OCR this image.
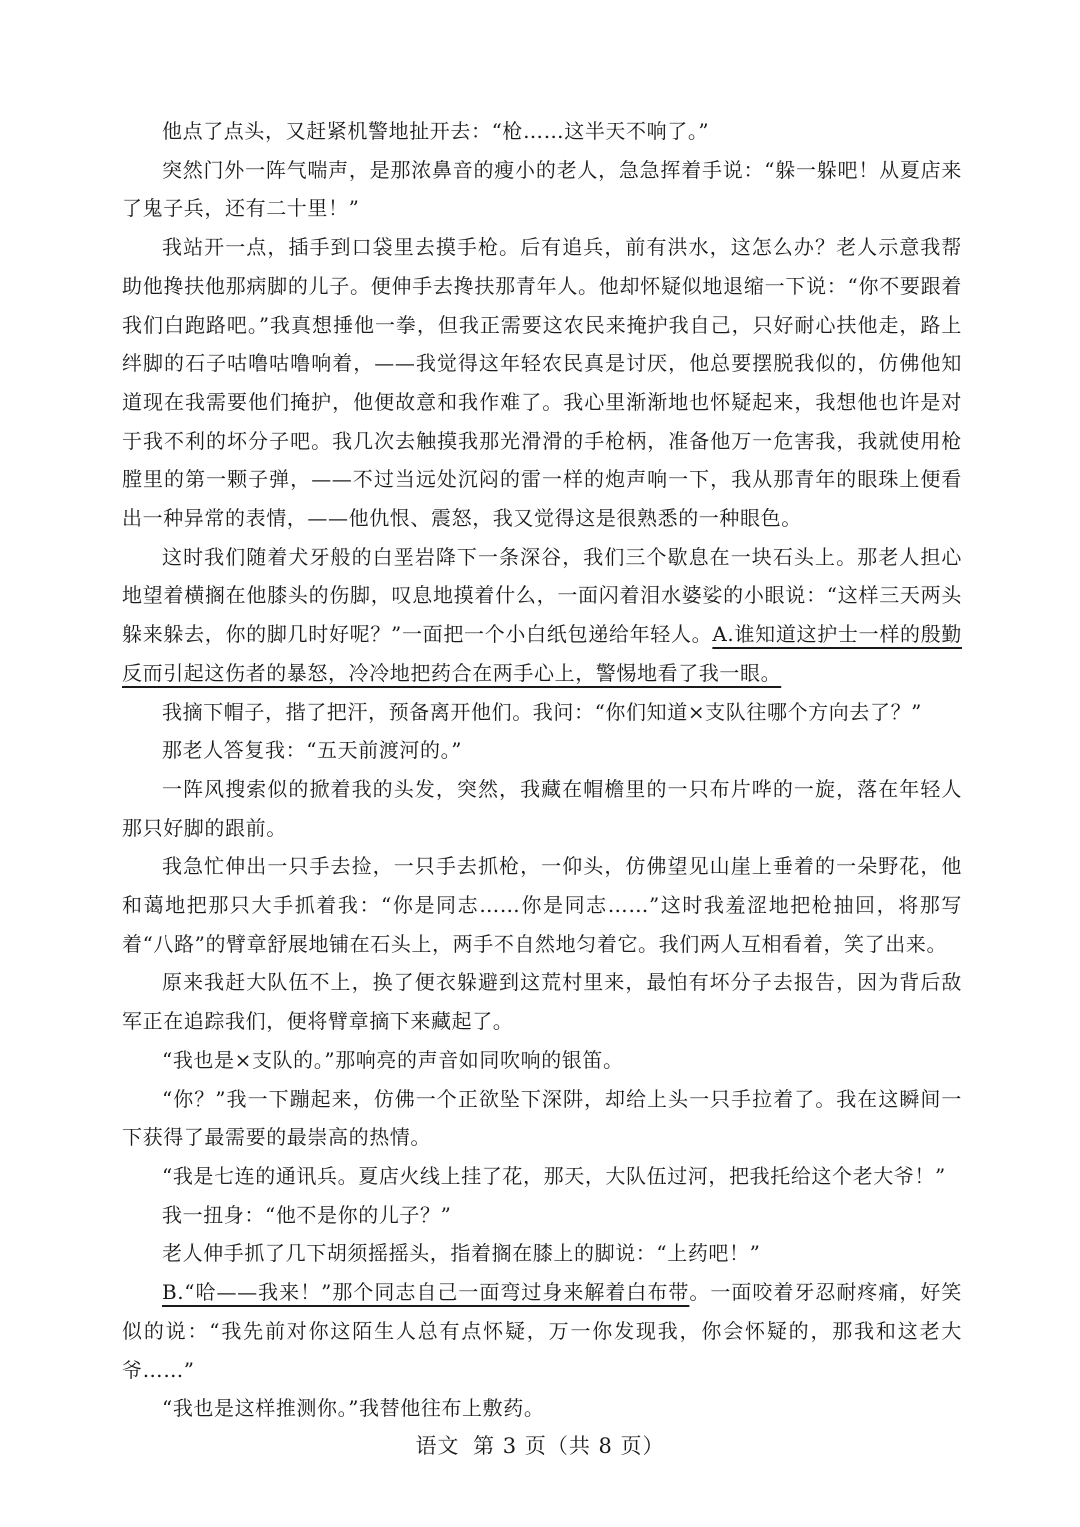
他点了点头，又赶紧机警地扯开去：“枪……这半天不响了。”

突然门外一阵气喘声，是那浓鼻音的瘦小的老人，急急挥着手说：“躲一躲吧！从夏店来了鬼子兵，还有二十里！”

我站开一点，插手到口袋里去摸手枪。后有追兵，前有洪水，这怎么办？老人示意我帮助他搀扶他那病脚的儿子。便伸手去搀扶那青年人。他却怀疑似地退缩一下说：“你不要跟着我们白跑路吧。”我真想捶他一拳，但我正需要这农民来掩护我自己，只好耐心扶他走，路上绊脚的石子咕噜咕噜响着，——我觉得这年轻农民真是讨厌，他总要摆脱我似的，仿佛他知道现在我需要他们掩护，他便故意和我作难了。我心里渐渐地也怀疑起来，我想他也许是对于我不利的坏分子吧。我几次去触摸我那光滑滑的手枪柄，准备他万一危害我，我就使用枪膛里的第一颗子弹，——不过当远处沉闷的雷一样的炮声响一下，我从那青年的眼珠上便看出一种异常的表情，——他仇恨、震怒，我又觉得这是很熟悉的一种眼色。

这时我们随着犬牙般的白垩岩降下一条深谷，我们三个歇息在一块石头上。那老人担心地望着横搁在他膝头的伤脚，叹息地摸着什么，一面闪着泪水婆娑的小眼说：“这样三天两头躲来躲去，你的脚几时好呢？”一面把一个小白纸包递给年轻人。A.谁知道这护士一样的殷勤反而引起这伤者的暴怒，冷冷地把药合在两手心上，警惕地看了我一眼。

我摘下帽子，揩了把汗，预备离开他们。我问：“你们知道×支队往哪个方向去了？”

那老人答复我：“五天前渡河的。”

一阵风搜索似的掀着我的头发，突然，我藏在帽檐里的一只布片哗的一旋，落在年轻人那只好脚的跟前。

我急忙伸出一只手去捡，一只手去抓枪，一仰头，仿佛望见山崖上垂着的一朵野花，他和蔼地把那只大手抓着我：“你是同志……你是同志……”这时我羞涩地把枪抽回，将那写着“八路”的臂章舒展地铺在石头上，两手不自然地匀着它。我们两人互相看着，笑了出来。

原来我赶大队伍不上，换了便衣躲避到这荒村里来，最怕有坏分子去报告，因为背后敌军正在追踪我们，便将臂章摘下来藏起了。

“我也是×支队的。”那响亮的声音如同吹响的银笛。

“你？”我一下蹦起来，仿佛一个正欲坠下深阱，却给上头一只手拉着了。我在这瞬间一下获得了最需要的最崇高的热情。

“我是七连的通讯兵。夏店火线上挂了花，那天，大队伍过河，把我托给这个老大爷！”

我一扭身：“他不是你的儿子？”

老人伸手抓了几下胡须摇摇头，指着搁在膝上的脚说：“上药吧！”

B.“哈——我来！”那个同志自己一面弯过身来解着白布带。一面咬着牙忍耐疼痛，好笑似的说：“我先前对你这陌生人总有点怀疑，万一你发现我，你会怀疑的，那我和这老大爷……”

“我也是这样推测你。”我替他往布上敷药。

语文 第 3 页（共 8 页）
